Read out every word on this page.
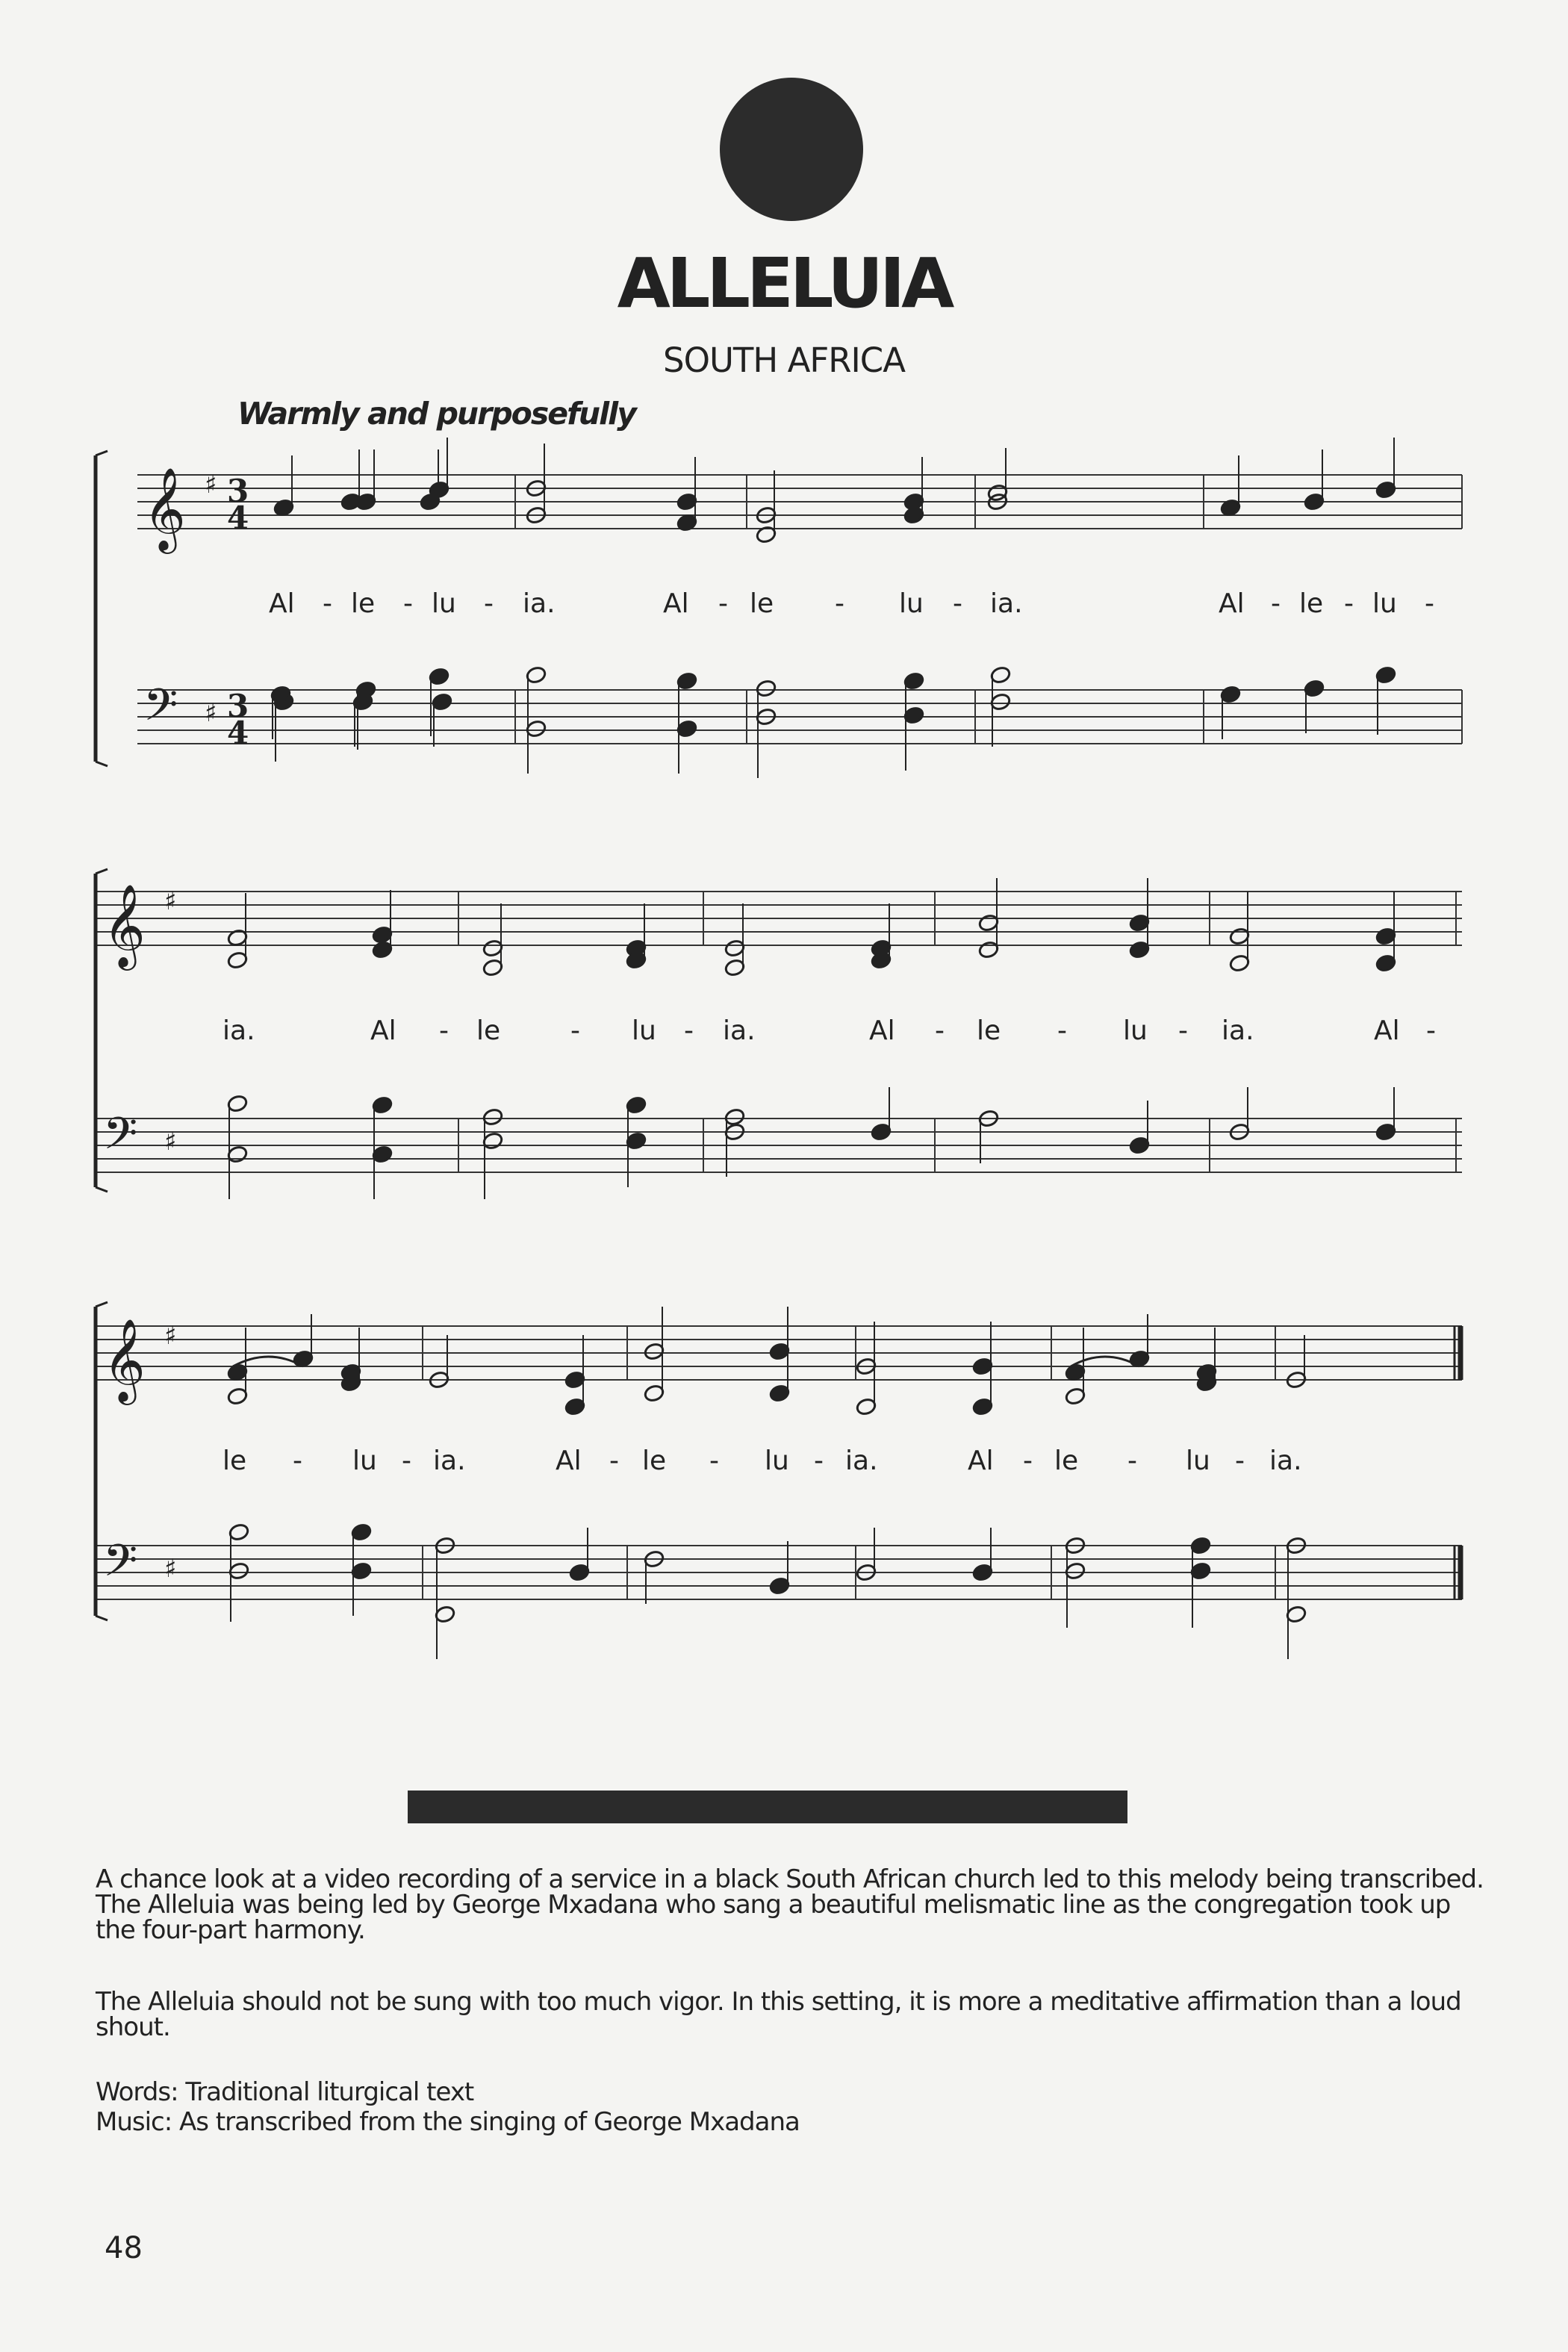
ALLELUIA
SOUTH AFRICA
Warmly and purposefully
𝄞 ♯ 3
4
𝄢 ♯ 3
4
𝄞 ♯
𝄢 ♯
𝄞 ♯
𝄢 ♯
Al - le - lu - ia.	Al - le - lu - ia.	Al - le - lu -
ia.	Al - le	- lu - ia.	Al - le - lu - ia.	Al -
le - lu - ia.	Al - le - lu - ia.	Al - le - lu - ia.

A chance look at a video recording of a service in a black South African church led to this melody being transcribed. The Alleluia was being led by George Mxadana who sang a beautiful melismatic line as the congregation took up the four-part harmony.

The Alleluia should not be sung with too much vigor. In this setting, it is more a meditative affirmation than a loud shout.

Words: Traditional liturgical text
Music: As transcribed from the singing of George Mxadana
48
